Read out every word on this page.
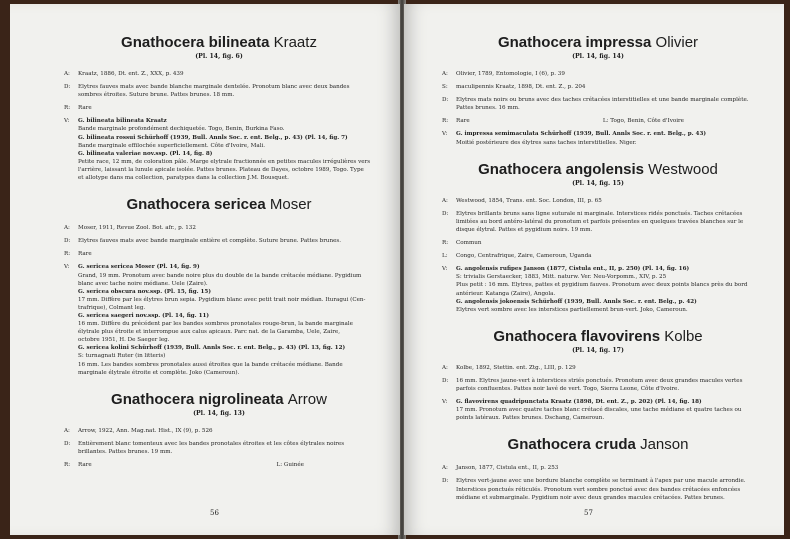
Gnathocera bilineata Kraatz
(Pl. 14, fig. 6)
A:	Kraatz, 1886, Dt. ent. Z., XXX, p. 439

D:	Elytres fauves mats avec bande blanche marginale dentelée. Pronotum blanc avec deux bandes

sombres étroites. Suture brune. Pattes brunes. 18 mm.

R:	Rare

V:	G. bilineata bilineata Kraatz

Bande marginale profondément dechiquetée. Togo, Benin, Burkina Faso.

G. bilineata rossui Schürhoff (1939, Bull. Annls Soc. r. ent. Belg., p. 43) (Pl. 14, fig. 7)

Bande marginale effilochée superficiellement. Côte d'Ivoire, Mali.

G. bilineata valeriae nov.ssp. (Pl. 14, fig. 8)

Petite race, 12 mm, de coloration pâle. Marge elytrale fractionnée en petites macules irrégulières vers

l'arrière, laissant la lunule apicale isolée. Pattes brunes. Plateau de Dayes, octobre 1989, Togo. Type

et allotype dans ma collection, paratypes dans la collection J.M. Bousquet.

Gnathocera sericea Moser
A:	Moser, 1911, Revue Zool. Bot. afr., p. 132

D:	Elytres fauves mats avec bande marginale entière et complète. Suture brune. Pattes brunes.

R:	Rare

V:	G. sericea sericea Moser (Pl. 14, fig. 9)

Grand, 19 mm. Pronotum avec bande noire plus du double de la bande crétacée médiane. Pygidium

blanc avec tache noire médiane. Uele (Zaire).

G. sericea obscura nov.ssp. (Pl. 15, fig. 15)

17 mm. Diffère par les élytres brun sepia. Pygidium blanc avec petit trait noir médian. Ituragui (Cen-

trafrique), Colmant leg.

G. sericea saegeri nov.ssp. (Pl. 14, fig. 11)

16 mm. Diffère du précédent par les bandes sombres pronotales rouge-brun, la bande marginale

élytrale plus étroite et interrompue aux calus apicaux. Parc nat. de la Garamba, Uele, Zaire,

octobre 1951, H. De Saeger leg.

G. sericea kolini Schürhoff (1939, Bull. Annls Soc. r. ent. Belg., p. 43) (Pl. 13, fig. 12)

S: turnagnati Ruter (in litteris)

16 mm. Les bandes sombres pronotales aussi étroites que la bande crétacée médiane. Bande

marginale élytrale étroite et complète. Joko (Cameroun).

Gnathocera nigrolineata Arrow
(Pl. 14, fig. 13)
A:	Arrow, 1922, Ann. Mag.nat. Hist., IX (9), p. 526

D:	Entièrement blanc tomenteux avec les bandes pronotales étroites et les côtes élytrales noires

brillantes. Pattes brunes. 19 mm.

R:	Rare	L: Guinée

56
Gnathocera impressa Olivier
(Pl. 14, fig. 14)
A:	Olivier, 1789, Entomologie, I (6), p. 39

S:	maculipennis Kraatz, 1898, Dt. ent. Z., p. 204

D:	Elytres mats noirs ou bruns avec des taches crétacées interstitielles et une bande marginale complète.

Pattes brunes. 16 mm.

R:	Rare	L: Togo, Benin, Côte d'Ivoire

V:	G. impressa semimaculata Schürhoff (1939, Bull. Annls Soc. r. ent. Belg., p. 43)

Moitié postérieure des élytres sans taches interstitielles. Niger.

Gnathocera angolensis Westwood
(Pl. 14, fig. 15)
A:	Westwood, 1854, Trans. ent. Soc. London, III, p. 65

D:	Elytres brillants bruns sans ligne suturale ni marginale. Interstices ridés ponctués. Taches crétacées

limitées au bord antéro-latéral du pronotum et parfois présentes en quelques travées blanches sur le

disque élytral. Pattes et pygidium noirs. 19 mm.

R:	Commun

L:	Congo, Centrafrique, Zaire, Cameroun, Uganda

V:	G. angolensis rufipes Janson (1877, Cistula ent., II, p. 250) (Pl. 14, fig. 16)

S: trivialis Gerstaecker, 1883, Mitt. naturw. Ver. Neu-Vorpomm., XIV, p. 25

Plus petit : 16 mm. Elytres, pattes et pygidium fauves. Pronotum avec deux points blancs près du bord

antérieur. Katanga (Zaire), Angola.

G. angolensis jokoensis Schürhoff (1939, Bull. Annls Soc. r. ent. Belg., p. 42)

Elytres vert sombre avec les interstices partiellement brun-vert. Joko, Cameroun.

Gnathocera flavovirens Kolbe
(Pl. 14, fig. 17)
A:	Kolbe, 1892, Stettin. ent. Ztg., LIII, p. 129

D:	16 mm. Elytres jaune-vert à interstices striés ponctués. Pronotum avec deux grandes macules vertes

parfois confluentes. Pattes noir lavé de vert. Togo, Sierra Leone, Côte d'Ivoire.

V:	G. flavovirens quadripunctata Kraatz (1898, Dt. ent. Z., p. 202) (Pl. 14, fig. 18)

17 mm. Pronotum avec quatre taches blanc crétacé discales, une tache médiane et quatre taches ou

points latéraux. Pattes brunes. Dschang, Cameroun.

Gnathocera cruda Janson
A:	Janson, 1877, Cistula ent., II, p. 253

D:	Elytres vert-jaune avec une bordure blanche complète se terminant à l'apex par une macule arrondie.

Interstices ponctués réticulés. Pronotum vert sombre ponctué avec des bandes crétacées enfoncées

médiane et submarginale. Pygidium noir avec deux grandes macules crétacées. Pattes brunes.

57
